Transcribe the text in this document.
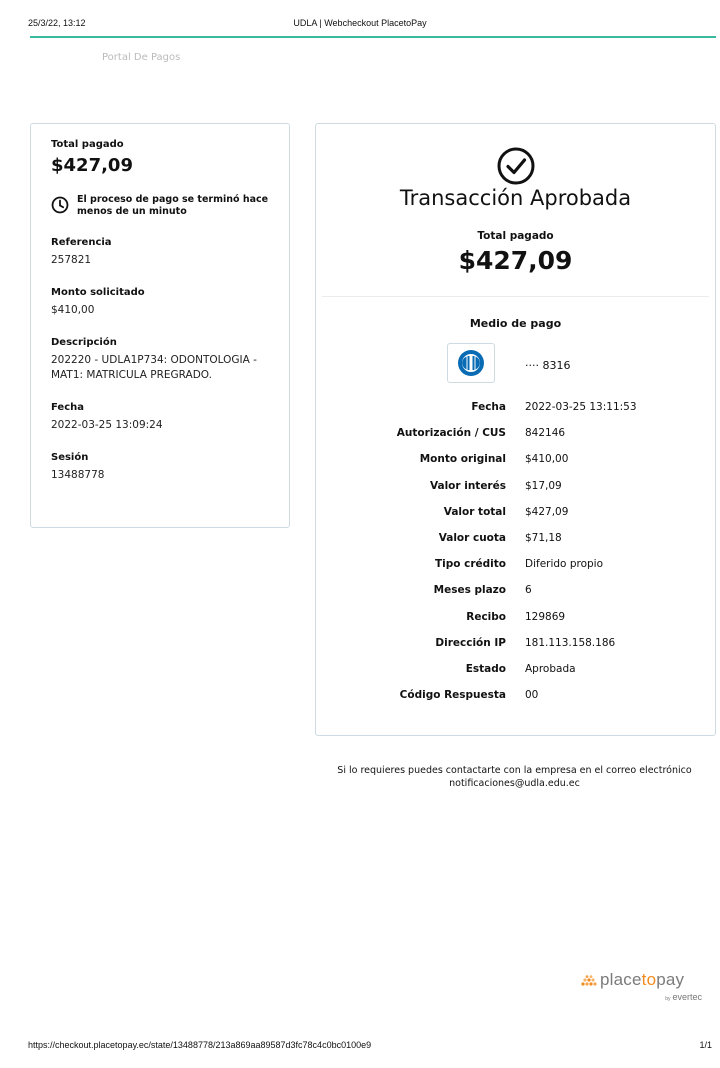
25/3/22, 13:12	UDLA | Webcheckout PlacetoPay
Portal De Pagos
Total pagado
$427,09
El proceso de pago se terminó hace menos de un minuto
Referencia
257821
Monto solicitado
$410,00
Descripción
202220 - UDLA1P734: ODONTOLOGIA - MAT1: MATRICULA PREGRADO.
Fecha
2022-03-25 13:09:24
Sesión
13488778
Transacción Aprobada
Total pagado
$427,09
Medio de pago
···· 8316
Fecha 2022-03-25 13:11:53
Autorización / CUS 842146
Monto original $410,00
Valor interés $17,09
Valor total $427,09
Valor cuota $71,18
Tipo crédito Diferido propio
Meses plazo 6
Recibo 129869
Dirección IP 181.113.158.186
Estado Aprobada
Código Respuesta 00
Si lo requieres puedes contactarte con la empresa en el correo electrónico
notificaciones@udla.edu.ec
placetopay
by evertec
https://checkout.placetopay.ec/state/13488778/213a869aa89587d3fc78c4c0bc0100e9	1/1
